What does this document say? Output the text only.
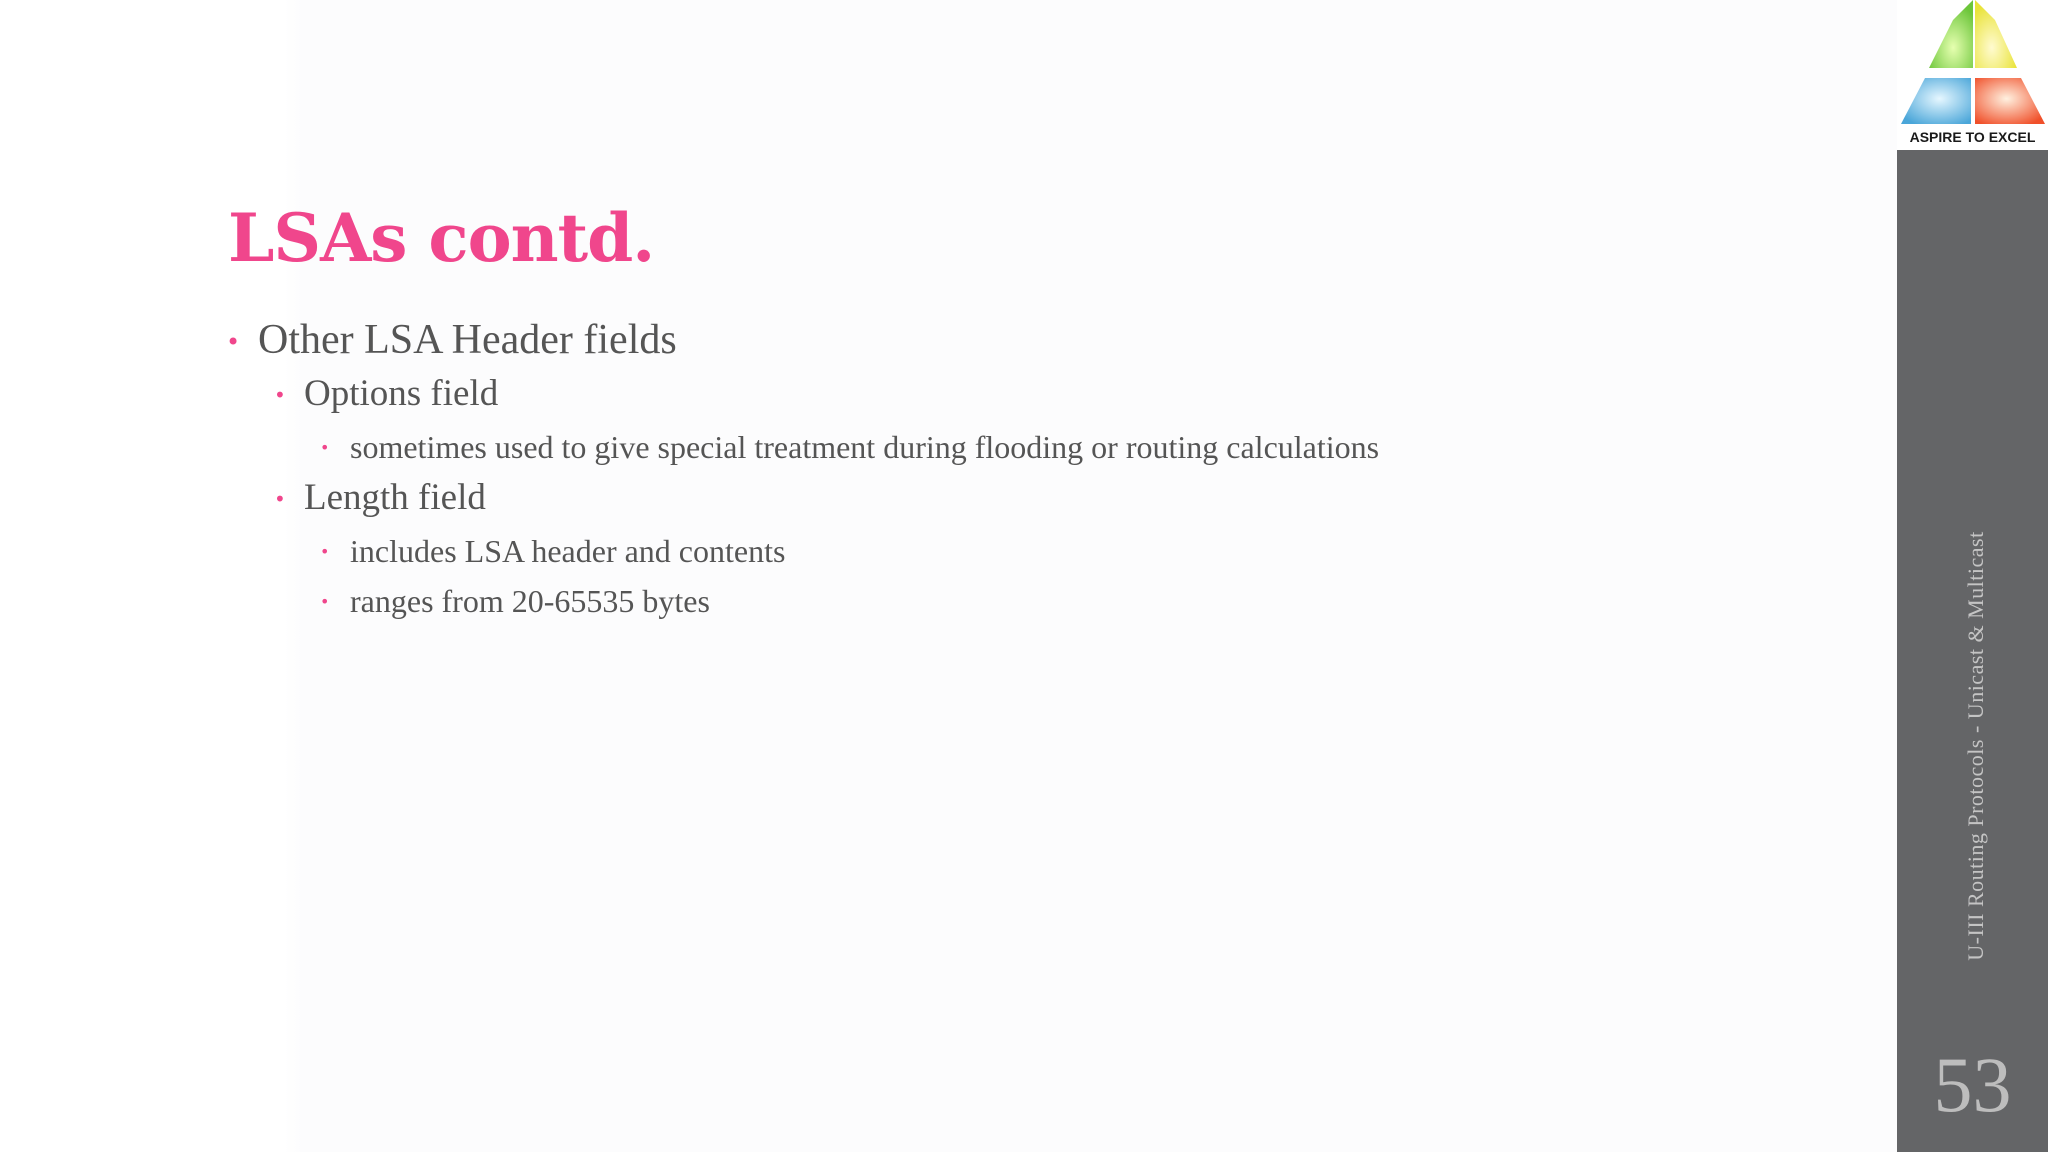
LSAs contd.
• Other LSA Header fields
• Options field
• sometimes used to give special treatment during flooding or routing calculations
• Length field
• includes LSA header and contents
• ranges from 20-65535 bytes
ASPIRE TO EXCEL
U-III Routing Protocols - Unicast & Multicast
53
